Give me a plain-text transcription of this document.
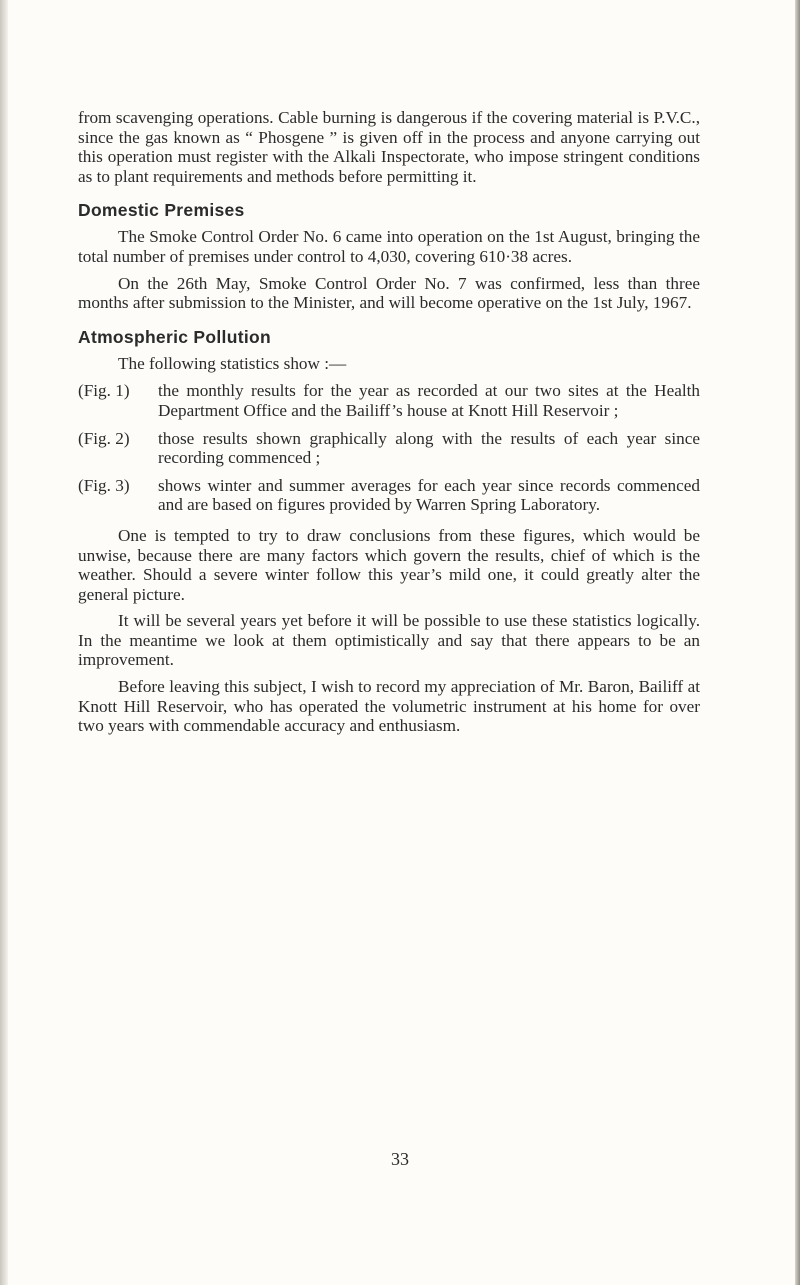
from scavenging operations. Cable burning is dangerous if the covering material is P.V.C., since the gas known as “ Phosgene ” is given off in the process and anyone carrying out this operation must register with the Alkali Inspectorate, who impose stringent conditions as to plant requirements and methods before permitting it.

Domestic Premises

The Smoke Control Order No. 6 came into operation on the 1st August, bringing the total number of premises under control to 4,030, covering 610·38 acres.

On the 26th May, Smoke Control Order No. 7 was confirmed, less than three months after submission to the Minister, and will become operative on the 1st July, 1967.

Atmospheric Pollution

The following statistics show :—

(Fig. 1)	the monthly results for the year as recorded at our two sites at the Health Department Office and the Bailiff’s house at Knott Hill Reservoir ;
(Fig. 2)	those results shown graphically along with the results of each year since recording commenced ;
(Fig. 3)	shows winter and summer averages for each year since records commenced and are based on figures provided by Warren Spring Laboratory.

One is tempted to try to draw conclusions from these figures, which would be unwise, because there are many factors which govern the results, chief of which is the weather. Should a severe winter follow this year’s mild one, it could greatly alter the general picture.

It will be several years yet before it will be possible to use these statistics logically. In the meantime we look at them optimistically and say that there appears to be an improvement.

Before leaving this subject, I wish to record my appreciation of Mr. Baron, Bailiff at Knott Hill Reservoir, who has operated the volumetric instrument at his home for over two years with commendable accuracy and enthusiasm.

33
